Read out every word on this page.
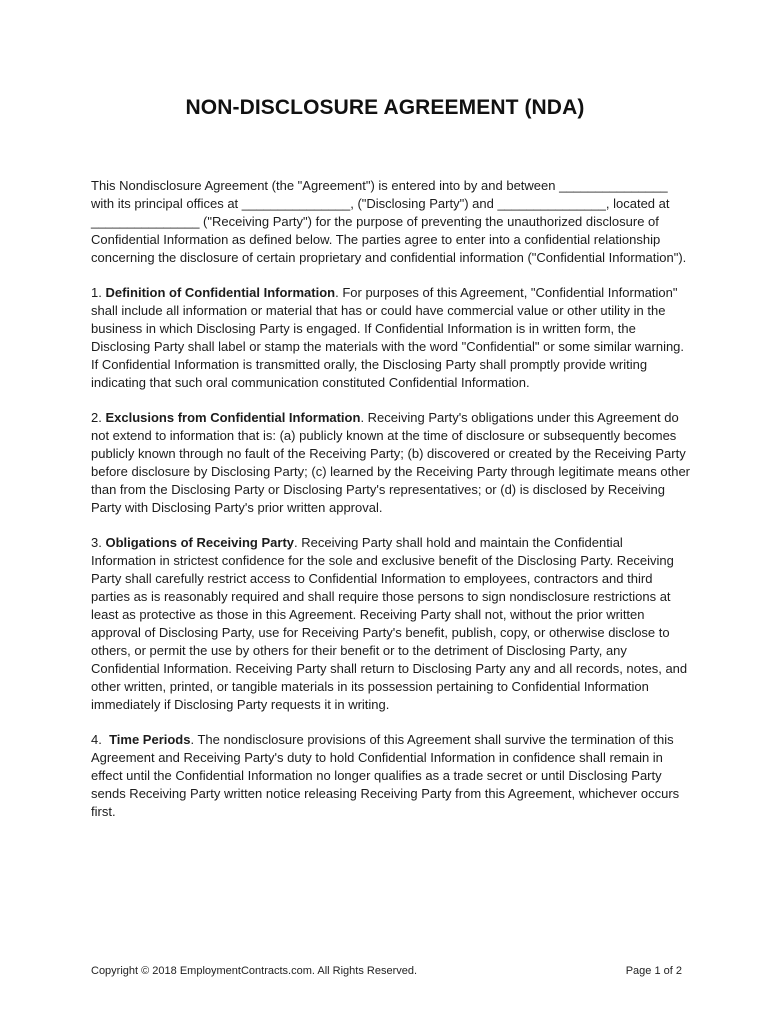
NON-DISCLOSURE AGREEMENT (NDA)

This Nondisclosure Agreement (the "Agreement") is entered into by and between _______________ with its principal offices at _______________, ("Disclosing Party") and _______________, located at _______________ ("Receiving Party") for the purpose of preventing the unauthorized disclosure of Confidential Information as defined below. The parties agree to enter into a confidential relationship concerning the disclosure of certain proprietary and confidential information ("Confidential Information").

1. Definition of Confidential Information. For purposes of this Agreement, "Confidential Information" shall include all information or material that has or could have commercial value or other utility in the business in which Disclosing Party is engaged. If Confidential Information is in written form, the Disclosing Party shall label or stamp the materials with the word "Confidential" or some similar warning. If Confidential Information is transmitted orally, the Disclosing Party shall promptly provide writing indicating that such oral communication constituted Confidential Information.

2. Exclusions from Confidential Information. Receiving Party's obligations under this Agreement do not extend to information that is: (a) publicly known at the time of disclosure or subsequently becomes publicly known through no fault of the Receiving Party; (b) discovered or created by the Receiving Party before disclosure by Disclosing Party; (c) learned by the Receiving Party through legitimate means other than from the Disclosing Party or Disclosing Party's representatives; or (d) is disclosed by Receiving Party with Disclosing Party's prior written approval.

3. Obligations of Receiving Party. Receiving Party shall hold and maintain the Confidential Information in strictest confidence for the sole and exclusive benefit of the Disclosing Party. Receiving Party shall carefully restrict access to Confidential Information to employees, contractors and third parties as is reasonably required and shall require those persons to sign nondisclosure restrictions at least as protective as those in this Agreement. Receiving Party shall not, without the prior written approval of Disclosing Party, use for Receiving Party's benefit, publish, copy, or otherwise disclose to others, or permit the use by others for their benefit or to the detriment of Disclosing Party, any Confidential Information. Receiving Party shall return to Disclosing Party any and all records, notes, and other written, printed, or tangible materials in its possession pertaining to Confidential Information immediately if Disclosing Party requests it in writing.

4. Time Periods. The nondisclosure provisions of this Agreement shall survive the termination of this Agreement and Receiving Party's duty to hold Confidential Information in confidence shall remain in effect until the Confidential Information no longer qualifies as a trade secret or until Disclosing Party sends Receiving Party written notice releasing Receiving Party from this Agreement, whichever occurs first.

Copyright © 2018 EmploymentContracts.com. All Rights Reserved.	Page 1 of 2
